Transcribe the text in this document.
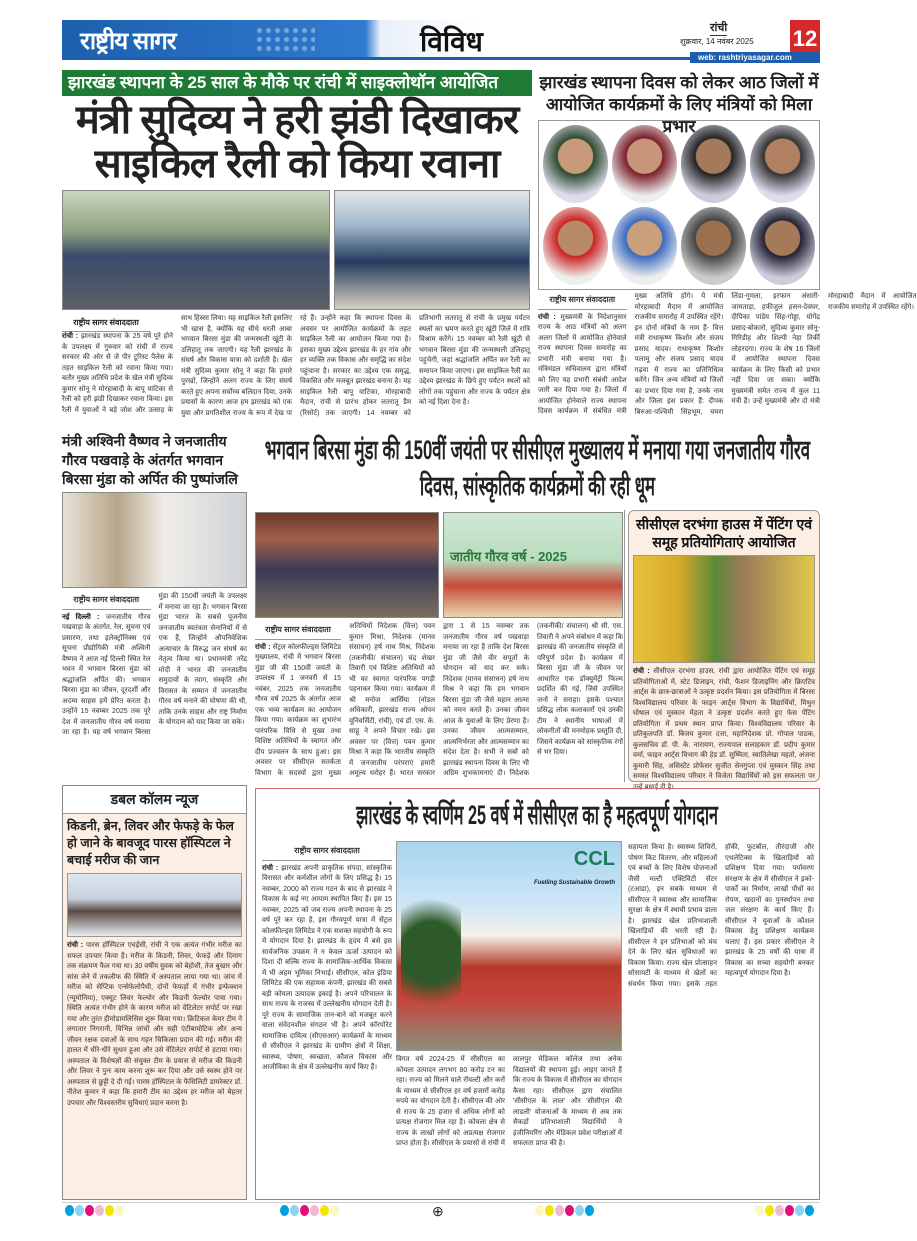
राष्ट्रीय सागर	विविध	रांची
शुक्रवार, 14 नवंबर 2025 12
web: rashtriyasagar.com
झारखंड स्थापना के 25 साल के मौके पर रांची में साइक्लोथॉन आयोजित
मंत्री सुदिव्य ने हरी झंडी दिखाकर साइकिल रैली को किया रवाना
राष्ट्रीय सागर संवाददाता
रांची : झारखंड स्थापना के 25 वर्ष पूरे होने के उपलक्ष्य में गुरुवार को रांची में राज्य सरकार की ओर से जे पीर टूरिस्ट पैलेस के तहत साइकिल रैली को रवाना किया गया। बतौर मुख्य अतिथि प्रदेश के खेल मंत्री सुदिव्य कुमार सोनू ने मोरहाबादी के बापू वाटिका से रैली को हरी झंडी दिखाकर रवाना किया। इस रैली में युवाओं ने बड़े जोश और उत्साह के साथ हिस्सा लिया। यह साइकिल रैली इसलिए भी खास है, क्योंकि यह सीधे धरती आबा भगवान बिरसा मुंडा की जन्मस्थली खूंटी के उलिहातू तक जाएगी। यह रैली झारखंड के संघर्ष और विकास यात्रा को दर्शाती है। खेल मंत्री सुदिव्य कुमार सोनू ने कहा कि हमारे पुरखों, जिन्होंने अलग राज्य के लिए संघर्ष करते हुए अपना सर्वोच्च बलिदान दिया, उनके प्रयासों के कारण आज हम झारखंड को एक युवा और प्रगतिशील राज्य के रूप में देख पा रहे हैं। उन्होंने कहा कि स्थापना दिवस के अवसर पर आयोजित कार्यक्रमों के तहत साइकिल रैली का आयोजन किया गया है। इसका मुख्य उद्देश्य झारखंड के हर गांव और हर व्यक्ति तक विकास और समृद्धि का संदेश पहुंचाना है। सरकार का उद्देश्य एक समृद्ध, विकसित और मजबूत झारखंड बनाना है। यह साइकिल रैली बापू वाटिका, मोरहाबादी मैदान, रांची से प्रारंभ होकर लतरातू डैम (रिसोर्ट) तक जाएगी। 14 नवम्बर को प्रतिभागी लतरातू से रांची के प्रमुख पर्यटन स्थलों का भ्रमण करते हुए खूंटी जिले में रात्रि विश्राम करेंगे। 15 नवम्बर को रैली खूंटी से भगवान बिरसा मुंडा की जन्मस्थली उलिहातू पहुंचेगी, जहां श्रद्धांजलि अर्पित कर रैली का समापन किया जाएगा। इस साइकिल रैली का उद्देश्य झारखंड के छिपे हुए पर्यटन स्थलों को लोगों तक पहुंचाना और राज्य के पर्यटन क्षेत्र को नई दिशा देना है।
झारखंड स्थापना दिवस को लेकर आठ जिलों में आयोजित कार्यक्रमों के लिए मंत्रियों को मिला प्रभार
राष्ट्रीय सागर संवाददाता
रांची : मुख्यमंत्री के निदेशानुसार राज्य के आठ मंत्रियों को अलग अलग जिलों में आयोजित होनेवाले राज्य स्थापना दिवस समारोह का प्रभारी मंत्री बनाया गया है। मंत्रिमंडल सचिवालय द्वारा मंत्रियों को लिए यह प्रभारी संबंधी आदेश जारी कर दिया गया है। जिलों में आयोजित होनेवाले राज्य स्थापना दिवस कार्यक्रम में संबंधित मंत्री मुख्य अतिथि होंगे। ये मंत्री मोरहाबादी मैदान में आयोजित राजकीय समारोह में उपस्थित रहेंगे। इन दोनों मंत्रियों के नाम हैं- वित्त मंत्री राधाकृष्ण किशोर और संजय प्रसाद यादव। राधाकृष्ण किशोर पलामू और संजय प्रसाद यादव गढ़वा में राज्य का प्रतिनिधित्व करेंगे। जिन अन्य मंत्रियों को जिलों का प्रभार दिया गया है, उनके नाम और जिला इस प्रकार हैं: दीपक बिरुआ-पश्चिमी सिंहभूम, चमरा लिंडा-गुमला, इरफान अंसारी-जामताड़ा, हफीजुल हसन-देवघर, दीपिका पांडेय सिंह-गोड्डा, योगेंद्र प्रसाद-बोकारो, सुदिव्य कुमार सोनू-गिरिडीह और शिल्पी नेहा तिर्की लोहरदगा। राज्य के शेष 16 जिलों में आयोजित स्थापना दिवस कार्यक्रम के लिए किसी को प्रभार नहीं दिया जा सका। क्योंकि मुख्यमंत्री समेत राज्य में कुल 11 मंत्री हैं। उन्हें मुख्यमंत्री और दो मंत्री मोरहाबादी मैदान में आयोजित राजकीय समारोह में उपस्थित रहेंगे।
मंत्री अश्विनी वैष्णव ने जनजातीय गौरव पखवाड़े के अंतर्गत भगवान बिरसा मुंडा को अर्पित की पुष्पांजलि
राष्ट्रीय सागर संवाददाता
नई दिल्ली : जनजातीय गौरव पखवाड़ा के अंतर्गत, रेल, सूचना एवं प्रसारण, तथा इलेक्ट्रॉनिक्स एवं सूचना प्रौद्योगिकी मंत्री अश्विनी वैष्णव ने आज नई दिल्ली स्थित रेल भवन में भगवान बिरसा मुंडा को श्रद्धांजलि अर्पित की। भगवान बिरसा मुंडा का जीवन, दूरदर्शी और अदम्य साहस हमें प्रेरित करता है। उन्होंने 15 नवम्बर 2025 तक पूरे देश में जनजातीय गौरव वर्ष मनाया जा रहा है। यह वर्ष भगवान बिरसा मुंडा की 150वीं जयंती के उपलक्ष्य में मनाया जा रहा है। भगवान बिरसा मुंडा भारत के सबसे पूजनीय जनजातीय स्वतंत्रता सेनानियों में से एक हैं, जिन्होंने औपनिवेशिक अत्याचार के विरुद्ध जन संघर्ष का नेतृत्व किया था। प्रधानमंत्री नरेंद्र मोदी ने भारत की जनजातीय समुदायों के त्याग, संस्कृति और विरासत के सम्मान में जनजातीय गौरव वर्ष मनाने की घोषणा की थी, ताकि उनके साहस और राष्ट्र निर्माण के योगदान को याद किया जा सके।
भगवान बिरसा मुंडा की 150वीं जयंती पर सीसीएल मुख्यालय में मनाया गया जनजातीय गौरव दिवस, सांस्कृतिक कार्यक्रमों की रही धूम
जातीय गौरव वर्ष - 2025
राष्ट्रीय सागर संवाददाता
रांची : सेंट्रल कोलफील्ड्स लिमिटेड मुख्यालय, रांची में भगवान बिरसा मुंडा जी की 150वीं जयंती के उपलक्ष्य में 1 जनवरी से 15 नवंबर, 2025 तक जनजातीय गौरव वर्ष 2025 के अंतर्गत आज एक भव्य कार्यक्रम का आयोजन किया गया। कार्यक्रम का शुभारंभ पारंपरिक विधि से मुख्य तथा विशिष्ट अतिथियों के स्वागत और दीप प्रज्वलन के साथ हुआ। इस अवसर पर सीसीएल सतर्कता विभाग के सदस्यों द्वारा मुख्य अतिथियों निदेशक (वित्त) पवन कुमार मिश्रा, निदेशक (मानव संसाधन) हर्ष नाथ मिश्र, निदेशक (तकनीकी/ संचालन) चंद्र शेखर तिवारी एवं विशिष्ट अतिथियों को भी का स्वागत पारंपरिक पगड़ी पहनाकर किया गया। कार्यक्रम में श्री मनोज आर्सिया (नोडल अधिकारी, झारखंड राज्य ओपन यूनिवर्सिटी, रांची), एवं डॉ. एस. के. साहू ने अपने विचार रखे। इस अवसर पर (वित्त) पवन कुमार मिश्रा ने कहा कि भारतीय संस्कृति में जनजातीय परंपराएं हमारी अमूल्य धरोहर हैं। भारत सरकार द्वारा 1 से 15 नवम्बर तक जनजातीय गौरव वर्ष पखवाड़ा मनाया जा रहा है ताकि देश बिरसा मुंडा जी जैसे वीर सपूतों के योगदान को याद कर सके। निदेशक (मानव संसाधन) हर्ष नाथ मिश्र ने कहा कि हम भगवान बिरसा मुंडा जी जैसे महान आत्मा को नमन करते हैं। उनका जीवन आज के युवाओं के लिए प्रेरणा है। उनका जीवन आत्मसम्मान, आत्मनिर्भरता और आत्मसम्मान का संदेश देता है। सभी ने सबों को झारखंड स्थापना दिवस के लिए भी अग्रिम शुभकामनाएं दी। निदेशक (तकनीकी/ संचालन) श्री सी. एस. तिवारी ने अपने संबोधन में कहा कि झारखंड की जनजातीय संस्कृति से परिपूर्ण प्रदेश है। कार्यक्रम में बिरसा मुंडा जी के जीवन पर आधारित एक डॉक्यूमेंट्री फिल्म प्रदर्शित की गई, जिसे उपस्थित जनों ने सराहा। इसके पश्चात प्रसिद्ध लोक कलाकारों एवं उनकी टीम ने स्थानीय भाषाओं में लोकगीतों की मनमोहक प्रस्तुति दी, जिसने कार्यक्रम को सांस्कृतिक रंगों से भर दिया।
सीसीएल दरभंगा हाउस में पेंटिंग एवं समूह प्रतियोगिताएं आयोजित
रांची : सीसीएल दरभंगा हाउस, रांची द्वारा आयोजित पेंटिंग एवं समूह प्रतियोगिताओं में, स्टेट डिजाइन, रांची, फैशन डिजाइनिंग और क्रिएटिव आर्ट्स के छात्र-छात्राओं ने उत्कृष्ट प्रदर्शन किया। इस प्रतियोगिता में बिरसा विश्वविद्यालय परिवार के फाइन आर्ट्स विभाग के विद्यार्थियों, मिथुन घोषाल एवं मुस्कान मेहता ने उत्कृष्ट प्रदर्शन करते हुए फेस पेंटिंग प्रतियोगिता में प्रथम स्थान प्राप्त किया। विश्वविद्यालय परिवार के प्रतिकुलपति डॉ. बिजय कुमार दत्ता, महानिदेशक प्रो. गोपाल पाठक, कुलसचिव डॉ. पी. के. नारायण, राज्यपाल सलाहकार डॉ. प्रदीप कुमार वर्मा, फाइन आर्ट्स विभाग की हेड डॉ. सुष्मिता, स्वातिलेखा महतो, अंजना कुमारी सिंह, असिस्टेंट प्रोफेसर सुजीत सेनगुप्ता एवं मुस्कान सिंह तथा समस्त विश्वविद्यालय परिवार ने विजेता विद्यार्थियों को इस सफलता पर उन्हें बधाई दी है।
डबल कॉलम न्यूज
किडनी, ब्रेन, लिवर और फेफड़े के फेल हो जाने के बावजूद पारस हॉस्पिटल ने बचाई मरीज की जान
रांची : पारस हॉस्पिटल एचईसी, रांची ने एक अत्यंत गंभीर मरीज का सफल उपचार किया है। मरीज के किडनी, लिवर, फेफड़े और दिमाग तक संक्रमण फैल गया था। 30 वर्षीय युवक को बेहोशी, तेज बुखार और सांस लेने में तकलीफ की स्थिति में अस्पताल लाया गया था। जांच में मरीज को सेप्टिक एन्सेफेलोपैथी, दोनों फेफड़ों में गंभीर इन्फेक्शन (न्यूमोनिया), एक्यूट लिवर फेल्योर और किडनी फेल्योर पाया गया। स्थिति अत्यंत गंभीर होने के कारण मरीज को वेंटिलेटर सपोर्ट पर रखा गया और तुरंत हीमोडायलिसिस शुरू किया गया। क्रिटिकल केयर टीम ने लगातार निगरानी, विभिन्न जांचों और सही एंटीबायोटिक और अन्य जीवन रक्षक दवाओं के साथ गहन चिकित्सा प्रदान की गई। मरीज की हालत में धीरे-धीरे सुधार हुआ और उसे वेंटिलेटर सपोर्ट से हटाया गया। अस्पताल के विशेषज्ञों की संयुक्त टीम के प्रयास से मरीज की किडनी और लिवर ने पुनः काम करना शुरू कर दिया और उसे स्वस्थ होने पर अस्पताल से छुट्टी दे दी गई। पारस हॉस्पिटल के फैसिलिटी डायरेक्टर डॉ. नीतेश कुमार ने कहा कि हमारी टीम का उद्देश्य हर मरीज को बेहतर उपचार और विश्वस्तरीय सुविधाएं प्रदान करना है।
झारखंड के स्वर्णिम 25 वर्ष में सीसीएल का है महत्वपूर्ण योगदान
राष्ट्रीय सागर संवाददाता
रांची : झारखंड अपनी प्राकृतिक संपदा, सांस्कृतिक विरासत और कर्मशील लोगों के लिए प्रसिद्ध है। 15 नवम्बर, 2000 को राज्य गठन के बाद से झारखंड ने विकास के कई नए आयाम स्थापित किए हैं। इस 15 नवम्बर, 2025 को जब राज्य अपनी स्थापना के 25 वर्ष पूरे कर रहा है, इस गौरवपूर्ण यात्रा में सेंट्रल कोलफील्ड्स लिमिटेड ने एक सशक्त सहयोगी के रूप में योगदान दिया है। झारखंड के हृदय में बसे इस सार्वजनिक उपक्रम ने न केवल ऊर्जा उत्पादन को दिशा दी बल्कि राज्य के सामाजिक-आर्थिक विकास में भी अहम भूमिका निभाई। सीसीएल, कोल इंडिया लिमिटेड की एक सहायक कंपनी, झारखंड की सबसे बड़ी कोयला उत्पादक इकाई है। अपने परिचालन के साथ राज्य के राजस्व में उल्लेखनीय योगदान देती है। पूरे राज्य के सामाजिक तान-बाने को मजबूत करने वाला संवेदनशील संगठन भी है। अपने कॉरपोरेट सामाजिक दायित्व (सीएसआर) कार्यक्रमों के माध्यम से सीसीएल ने झारखंड के ग्रामीण क्षेत्रों में शिक्षा, स्वास्थ्य, पोषण, स्वच्छता, कौशल विकास और आजीविका के क्षेत्र में उल्लेखनीय कार्य किए हैं।
CCL
Fuelling Sustainable Growth
विगत वर्ष 2024-25 में सीसीएल का कोयला उत्पादन लगभग 80 करोड़ टन का रहा। राज्य को मिलने वाले रॉयल्टी और करों के माध्यम से सीसीएल हर वर्ष हजारों करोड़ रुपये का योगदान देती है। सीसीएल की ओर से राज्य के 25 हजार से अधिक लोगों को प्रत्यक्ष रोजगार मिल रहा है। कोयला क्षेत्र से राज्य के लाखों लोगों को अप्रत्यक्ष रोजगार प्राप्त होता है। सीसीएल के प्रयासों से रांची में लालपुर मेडिकल कॉलेज तथा अनेक विद्यालयों की स्थापना हुई। आइए जानते हैं कि राज्य के विकास में सीसीएल का योगदान कैसा रहा। सीसीएल द्वारा संचालित 'सीसीएल के लाल' और 'सीसीएल की लाडली' योजनाओं के माध्यम से अब तक सैकड़ों प्रतिभाशाली विद्यार्थियों ने इंजीनियरिंग और मेडिकल प्रवेश परीक्षाओं में सफलता प्राप्त की है।
सहायता किया है। स्वास्थ्य शिविरों, पोषण किट वितरण, और महिलाओं एवं बच्चों के लिए विशेष योजनाओं जैसी मल्टी एक्टिविटी सेंटर (टआडा), इन सबके माध्यम से सीसीएल ने स्वास्थ्य और सामाजिक सुरक्षा के क्षेत्र में स्थायी प्रभाव डाला है। झारखंड खेल प्रतिभाशाली खिलाड़ियों की धरती रही है। सीसीएल ने इन प्रतिभाओं को मंच देने के लिए खेल सुविधाओं का विकास किया। राज्य खेल प्रोत्साहन सोसायटी के माध्यम से खेलों का संवर्धन किया गया। इसके तहत हॉकी, फुटबॉल, तीरंदाजी और एथलेटिक्स के खिलाड़ियों को प्रशिक्षण दिया गया। पर्यावरण संरक्षण के क्षेत्र में सीसीएल ने इको-पार्कों का निर्माण, लाखों पौधों का रोपण, खदानों का पुनर्स्थापन तथा जल संरक्षण के कार्य किए हैं। सीसीएल ने युवाओं के कौशल विकास हेतु प्रशिक्षण कार्यक्रम चलाए हैं। इस प्रकार सीसीएल ने झारखंड के 25 वर्षों की यात्रा में विकास का सच्चा सहयोगी बनकर महत्वपूर्ण योगदान दिया है।
⊕
